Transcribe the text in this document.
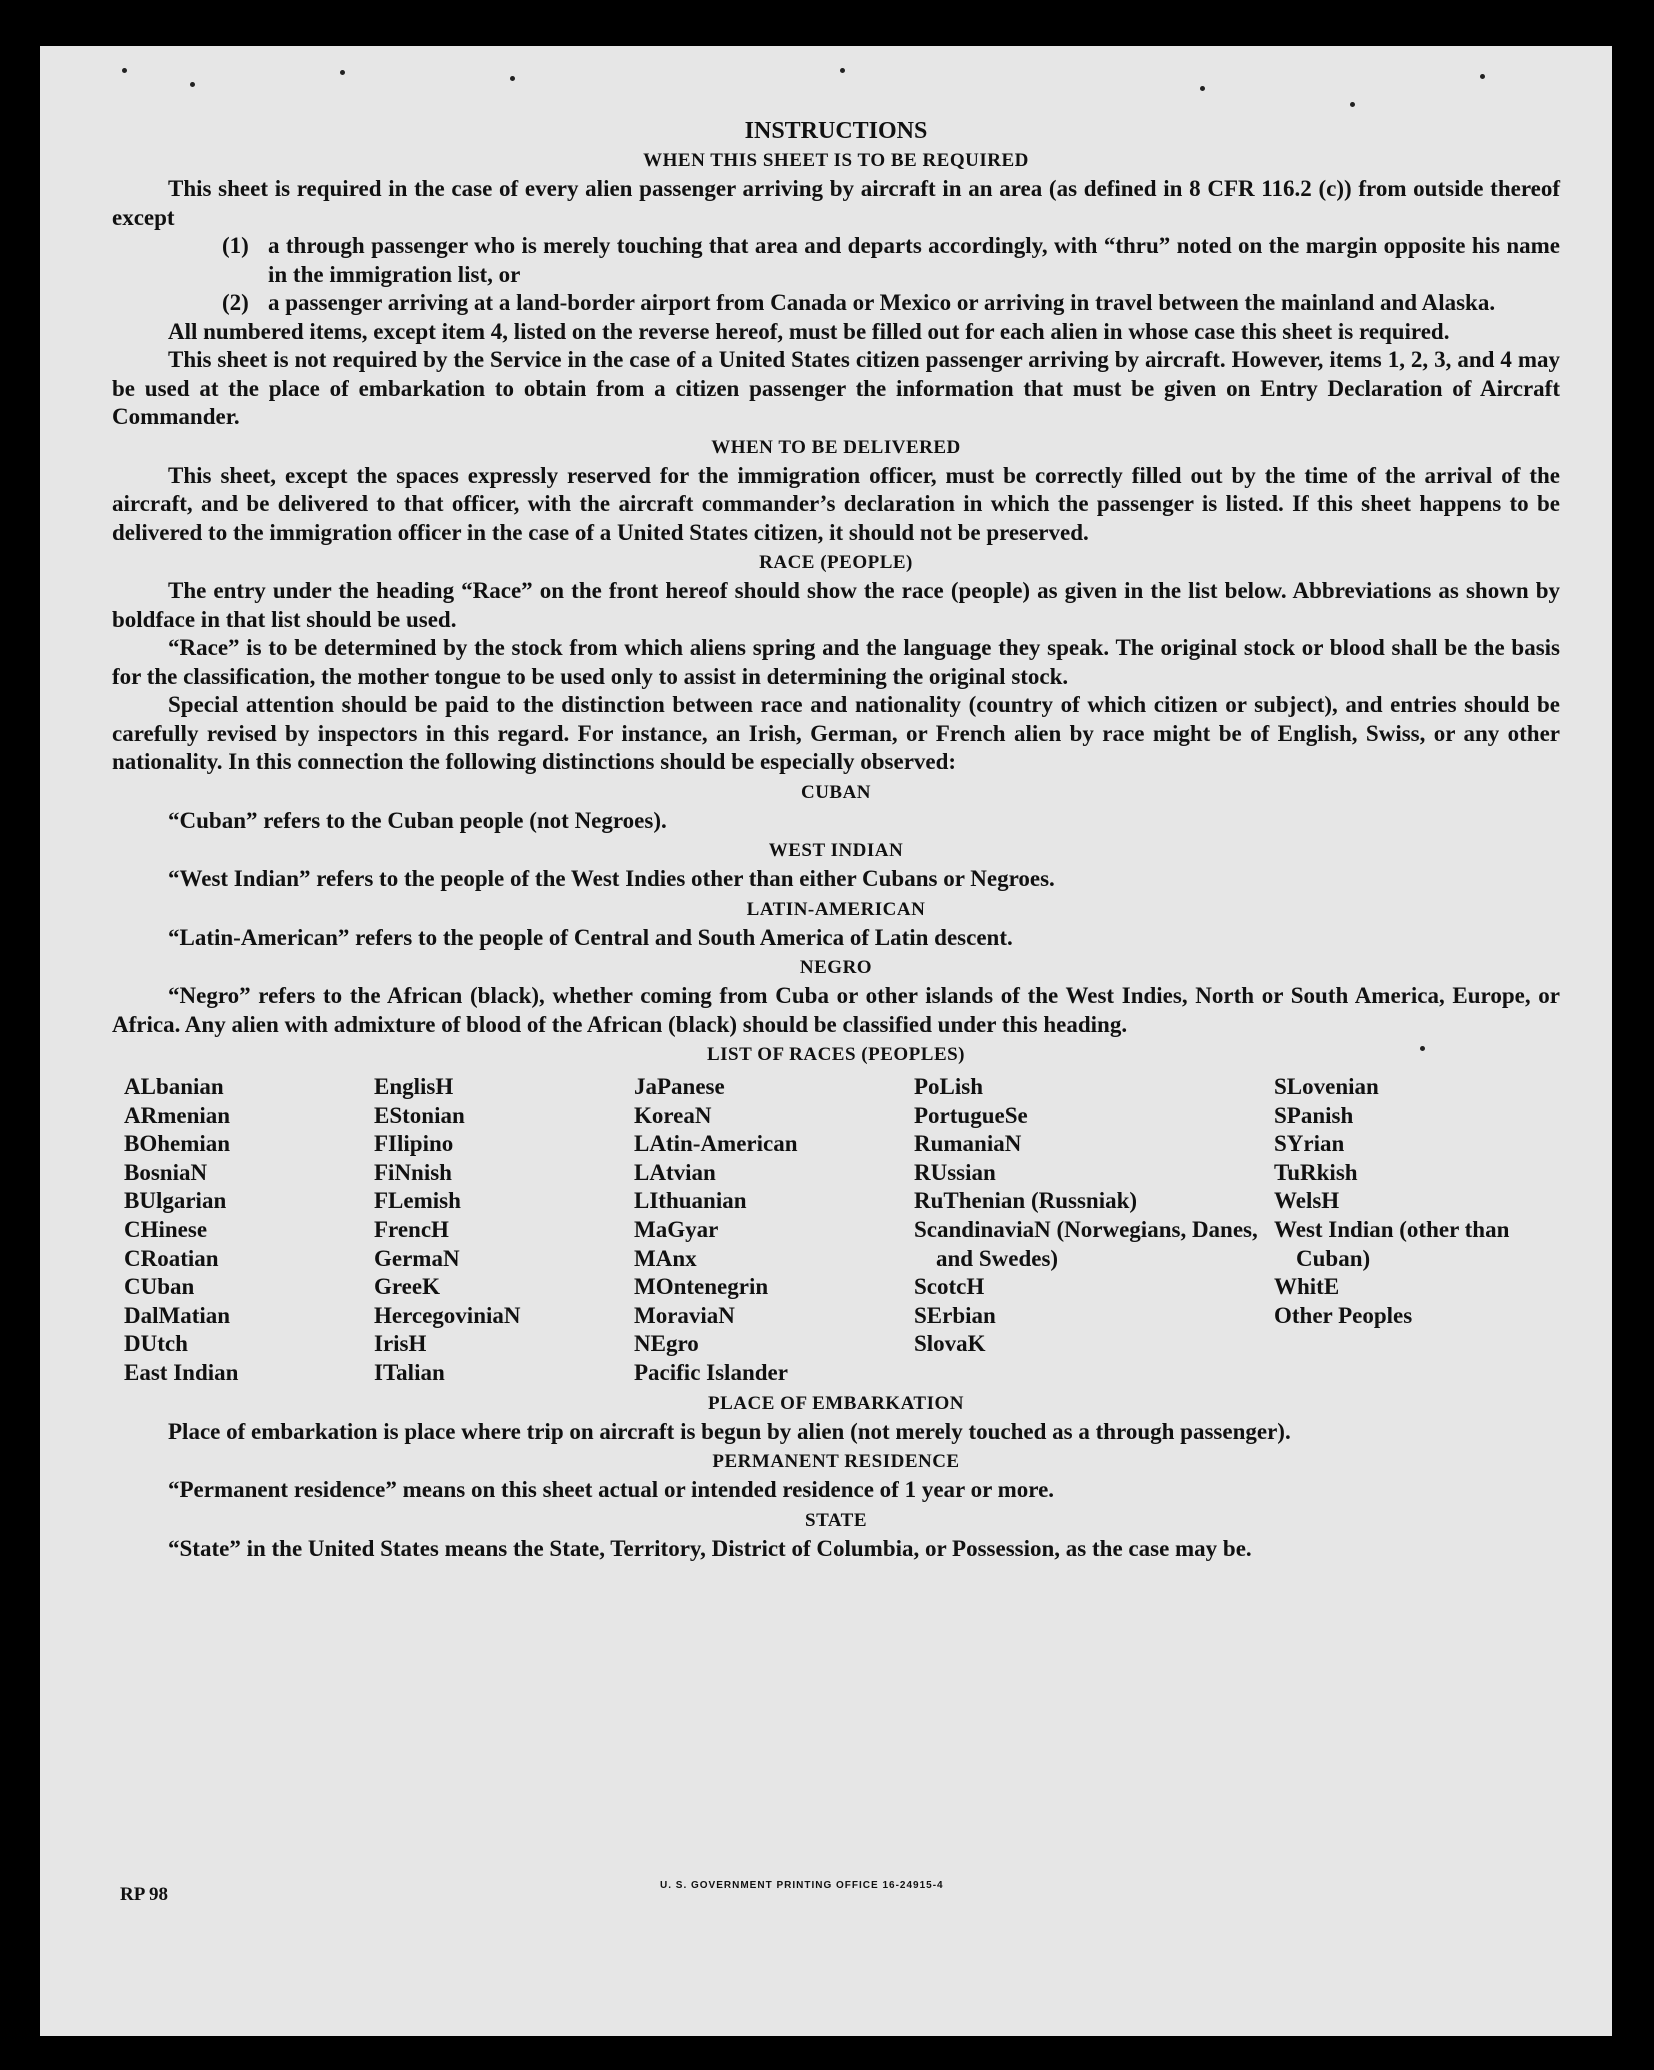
INSTRUCTIONS
WHEN THIS SHEET IS TO BE REQUIRED

This sheet is required in the case of every alien passenger arriving by aircraft in an area (as defined in 8 CFR 116.2 (c)) from outside thereof except

(1) a through passenger who is merely touching that area and departs accordingly, with “thru” noted on the margin opposite his name in the immigration list, or
(2) a passenger arriving at a land-border airport from Canada or Mexico or arriving in travel between the mainland and Alaska.

All numbered items, except item 4, listed on the reverse hereof, must be filled out for each alien in whose case this sheet is required.

This sheet is not required by the Service in the case of a United States citizen passenger arriving by aircraft. However, items 1, 2, 3, and 4 may be used at the place of embarkation to obtain from a citizen passenger the information that must be given on Entry Declaration of Aircraft Commander.

WHEN TO BE DELIVERED

This sheet, except the spaces expressly reserved for the immigration officer, must be correctly filled out by the time of the arrival of the aircraft, and be delivered to that officer, with the aircraft commander’s declaration in which the passenger is listed. If this sheet happens to be delivered to the immigration officer in the case of a United States citizen, it should not be preserved.

RACE (PEOPLE)

The entry under the heading “Race” on the front hereof should show the race (people) as given in the list below. Abbreviations as shown by boldface in that list should be used.

“Race” is to be determined by the stock from which aliens spring and the language they speak. The original stock or blood shall be the basis for the classification, the mother tongue to be used only to assist in determining the original stock.

Special attention should be paid to the distinction between race and nationality (country of which citizen or subject), and entries should be carefully revised by inspectors in this regard. For instance, an Irish, German, or French alien by race might be of English, Swiss, or any other nationality. In this connection the following distinctions should be especially observed:

CUBAN

“Cuban” refers to the Cuban people (not Negroes).

WEST INDIAN

“West Indian” refers to the people of the West Indies other than either Cubans or Negroes.

LATIN-AMERICAN

“Latin-American” refers to the people of Central and South America of Latin descent.

NEGRO

“Negro” refers to the African (black), whether coming from Cuba or other islands of the West Indies, North or South America, Europe, or Africa. Any alien with admixture of blood of the African (black) should be classified under this heading.

LIST OF RACES (PEOPLES)
ALbanian
ARmenian
BOhemian
BosniaN
BUlgarian
CHinese
CRoatian
CUban
DalMatian
DUtch
East Indian
EnglisH
EStonian
FIlipino
FiNnish
FLemish
FrencH
GermaN
GreeK
HercegoviniaN
IrisH
ITalian
JaPanese
KoreaN
LAtin-American
LAtvian
LIthuanian
MaGyar
MAnx
MOntenegrin
MoraviaN
NEgro
Pacific Islander
PoLish
PortugueSe
RumaniaN
RUssian
RuThenian (Russniak)
ScandinaviaN (Norwegians, Danes, and Swedes)
ScotcH
SErbian
SlovaK
SLovenian
SPanish
SYrian
TuRkish
WelsH
West Indian (other than Cuban)
WhitE
Other Peoples
PLACE OF EMBARKATION

Place of embarkation is place where trip on aircraft is begun by alien (not merely touched as a through passenger).

PERMANENT RESIDENCE

“Permanent residence” means on this sheet actual or intended residence of 1 year or more.

STATE

“State” in the United States means the State, Territory, District of Columbia, or Possession, as the case may be.

RP 98	U. S. GOVERNMENT PRINTING OFFICE 16-24915-4
